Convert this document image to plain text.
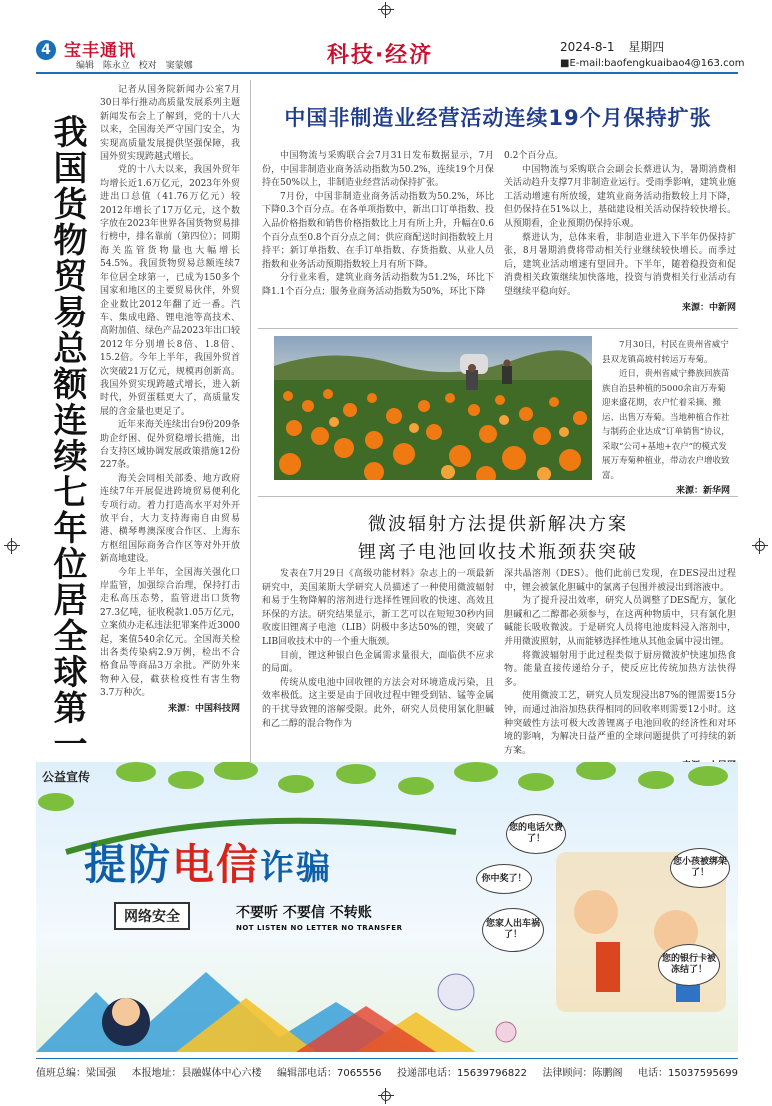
4 宝丰通讯
编辑 陈永立 校对 窦蒙娜	科技·经济	2024-8-1 星期四
■E-mail:baofengkuaibao4@163.com
我国货物贸易总额连续七年位居全球第一

记者从国务院新闻办公室7月30日举行推动高质量发展系列主题新闻发布会上了解到，党的十八大以来，全国海关严守国门安全，为实现高质量发展提供坚强保障，我国外贸实现跨越式增长。

党的十八大以来，我国外贸年均增长近1.6万亿元，2023年外贸进出口总值（41.76万亿元）较2012年增长了17万亿元，这个数字放在2023年世界各国货物贸易排行榜中，排名靠前（第四位）；同期海关监管货物量也大幅增长54.5%。我国货物贸易总额连续7年位居全球第一，已成为150多个国家和地区的主要贸易伙伴，外贸企业数比2012年翻了近一番。汽车、集成电路、锂电池等高技术、高附加值、绿色产品2023年出口较2012年分别增长8倍、1.8倍、15.2倍。今年上半年，我国外贸首次突破21万亿元，规模再创新高。我国外贸实现跨越式增长，进入新时代，外贸蛋糕更大了，高质量发展的含金量也更足了。

近年来海关连续出台9份209条助企纾困、促外贸稳增长措施，出台支持区域协调发展政策措施12份227条。

海关会同相关部委、地方政府连续7年开展促进跨境贸易便利化专项行动。着力打造高水平对外开放平台，大力支持海南自由贸易港、横琴粤澳深度合作区、上海东方枢纽国际商务合作区等对外开放新高地建设。

今年上半年，全国海关强化口岸监管，加强综合治理，保持打击走私高压态势，监管进出口货物27.3亿吨，征收税款1.05万亿元，立案侦办走私违法犯罪案件近3000起，案值540余亿元。全国海关检出各类传染病2.9万例，检出不合格食品等商品3万余批。严防外来物种入侵，截获检疫性有害生物3.7万种次。

来源：中国科技网
中国非制造业经营活动连续19个月保持扩张

中国物流与采购联合会7月31日发布数据显示，7月份，中国非制造业商务活动指数为50.2%，连续19个月保持在50%以上，非制造业经营活动保持扩张。

7月份，中国非制造业商务活动指数为50.2%，环比下降0.3个百分点。在各单项指数中，新出口订单指数、投入品价格指数和销售价格指数比上月有所上升，升幅在0.6个百分点至0.8个百分点之间；供应商配送时间指数较上月持平；新订单指数、在手订单指数、存货指数、从业人员指数和业务活动预期指数较上月有所下降。

分行业来看，建筑业商务活动指数为51.2%，环比下降1.1个百分点；服务业商务活动指数为50%，环比下降

0.2个百分点。

中国物流与采购联合会副会长蔡进认为，暑期消费相关活动趋升支撑7月非制造业运行。受雨季影响，建筑业施工活动增速有所放缓，建筑业商务活动指数较上月下降，但仍保持在51%以上，基础建设相关活动保持较快增长。从预期看，企业预期仍保持乐观。

蔡进认为，总体来看，非制造业进入下半年仍保持扩张，8月暑期消费将带动相关行业继续较快增长。而季过后，建筑业活动增速有望回升。下半年，随着稳投资和促消费相关政策继续加快落地，投资与消费相关行业活动有望继续平稳向好。

来源：中新网

7月30日，村民在贵州省威宁县双龙镇高坡村转运万寿菊。

近日，贵州省威宁彝族回族苗族自治县种植的5000余亩万寿菊迎来盛花期，农户忙着采摘、搬运、出售万寿菊。当地种植合作社与制药企业达成“订单销售”协议，采取“公司+基地+农户”的模式发展万寿菊种植业，带动农户增收致富。

来源：新华网
微波辐射方法提供新解决方案
锂离子电池回收技术瓶颈获突破

发表在7月29日《高级功能材料》杂志上的一项最新研究中，美国莱斯大学研究人员描述了一种使用微波辐射和易于生物降解的溶剂进行选择性锂回收的快速、高效且环保的方法。研究结果显示，新工艺可以在短短30秒内回收废旧锂离子电池（LIB）阴极中多达50%的锂，突破了LIB回收技术中的一个重大瓶颈。

目前，锂这种银白色金属需求量很大，面临供不应求的局面。

传统从废电池中回收锂的方法会对环境造成污染，且效率极低。这主要是由于回收过程中锂受到钴、锰等金属的干扰导致锂的溶解受限。此外，研究人员使用氯化胆碱和乙二醇的混合物作为

深共晶溶剂（DES）。他们此前已发现，在DES浸出过程中，锂会被氯化胆碱中的氯离子包围并被浸出到溶液中。

为了提升浸出效率，研究人员调整了DES配方，氯化胆碱和乙二醇都必须参与，在这两种物质中，只有氯化胆碱能长吸收微波。于是研究人员将电池废料浸入溶剂中，并用微波照射，从而能够选择性地从其他金属中浸出锂。

将微波辐射用于此过程类似于厨房微波炉快速加热食物。能量直接传递给分子，使反应比传统加热方法快得多。

使用微波工艺，研究人员发现浸出87%的锂需要15分钟，而通过油浴加热获得相同的回收率则需要12小时。这种突破性方法可极大改善锂离子电池回收的经济性和对环境的影响，为解决日益严重的全球问题提供了可持续的新方案。

公益宣传
提防电信诈骗
网络安全	不要听 不要信 不转账
NOT LISTEN NO LETTER NO TRANSFER
您的电话欠费了！
你中奖了！
您家人出车祸了！
您小孩被绑架了！
您的银行卡被冻结了！
值班总编：梁国强 本报地址：县融媒体中心六楼 编辑部电话：7065556 投递部电话：15639796822 法律顾问：陈鹏阁 电话：15037595699
